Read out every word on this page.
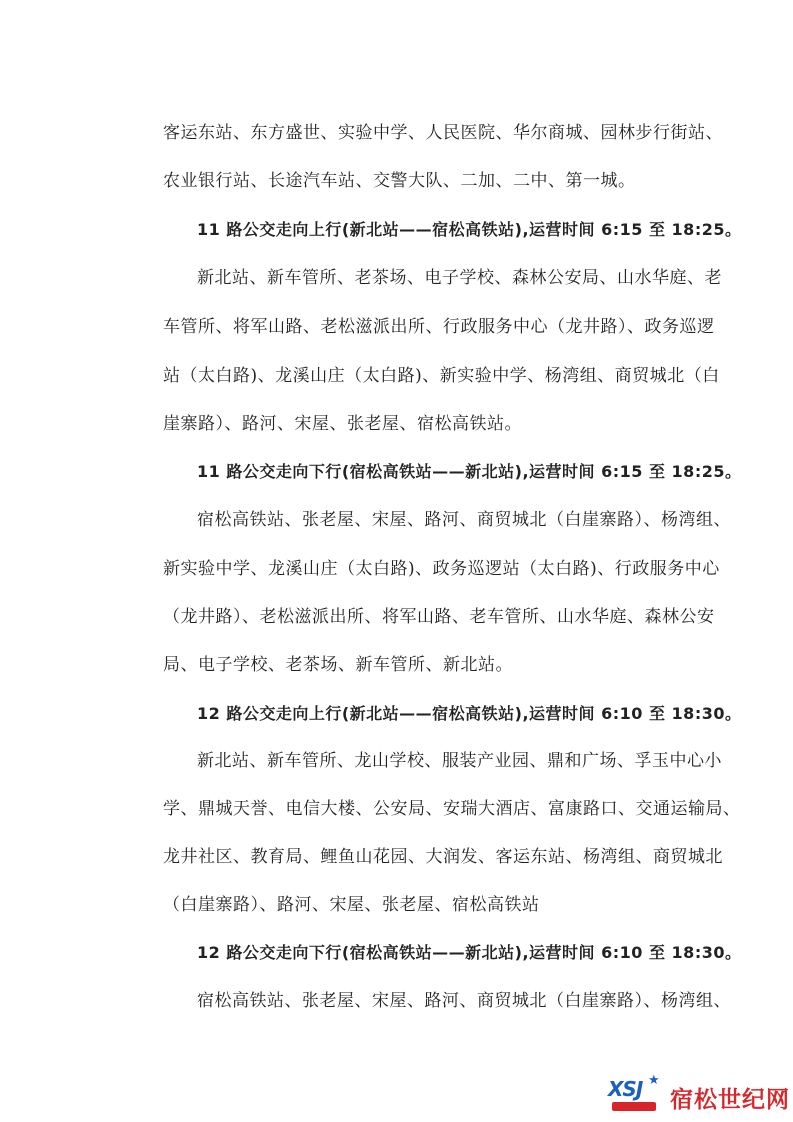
客运东站、东方盛世、实验中学、人民医院、华尔商城、园林步行街站、
农业银行站、长途汽车站、交警大队、二加、二中、第一城。
11 路公交走向上行(新北站——宿松高铁站),运营时间 6:15 至 18:25。
新北站、新车管所、老茶场、电子学校、森林公安局、山水华庭、老
车管所、将军山路、老松滋派出所、行政服务中心（龙井路）、政务巡逻
站（太白路)、龙溪山庄（太白路)、新实验中学、杨湾组、商贸城北（白
崖寨路）、路河、宋屋、张老屋、宿松高铁站。
11 路公交走向下行(宿松高铁站——新北站),运营时间 6:15 至 18:25。
宿松高铁站、张老屋、宋屋、路河、商贸城北（白崖寨路）、杨湾组、
新实验中学、龙溪山庄（太白路)、政务巡逻站（太白路)、行政服务中心
（龙井路）、老松滋派出所、将军山路、老车管所、山水华庭、森林公安
局、电子学校、老茶场、新车管所、新北站。
12 路公交走向上行(新北站——宿松高铁站),运营时间 6:10 至 18:30。
新北站、新车管所、龙山学校、服装产业园、鼎和广场、孚玉中心小
学、鼎城天誉、电信大楼、公安局、安瑞大酒店、富康路口、交通运输局、
龙井社区、教育局、鲤鱼山花园、大润发、客运东站、杨湾组、商贸城北
（白崖寨路）、路河、宋屋、张老屋、宿松高铁站
12 路公交走向下行(宿松高铁站——新北站),运营时间 6:10 至 18:30。
宿松高铁站、张老屋、宋屋、路河、商贸城北（白崖寨路）、杨湾组、
XSJ ★
宿松世纪网
